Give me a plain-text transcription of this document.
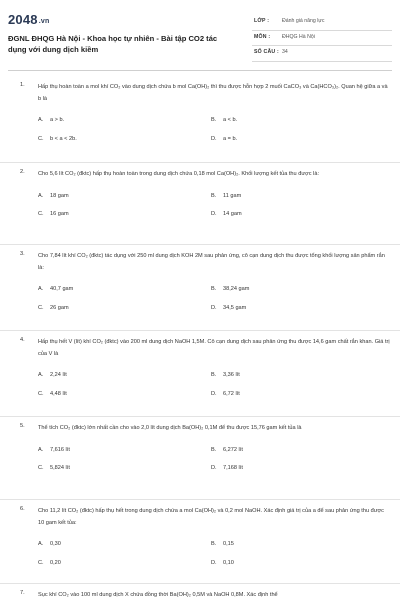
2048.vn
ĐGNL ĐHQG Hà Nội - Khoa học tự nhiên - Bài tập CO2 tác dụng với dung dịch kiềm
LỚP : Đánh giá năng lực
MÔN : ĐHQG Hà Nội
SỐ CÂU : 34
1. Hấp thụ hoàn toàn a mol khí CO₂ vào dung dịch chứa b mol Ca(OH)₂ thì thu được hỗn hợp 2 muối CaCO₃ và Ca(HCO₃)₂. Quan hệ giữa a và b là
A. a > b.	B. a < b.
C. b < a < 2b.	D. a = b.
2. Cho 5,6 lít CO₂ (đktc) hấp thụ hoàn toàn trong dung dịch chứa 0,18 mol Ca(OH)₂. Khối lượng kết tủa thu được là:
A. 18 gam	B. 11 gam
C. 16 gam	D. 14 gam
3. Cho 7,84 lít khí CO₂ (đktc) tác dụng với 250 ml dung dịch KOH 2M sau phản ứng, cô cạn dung dịch thu được tổng khối lượng sản phẩm rắn là:
A. 40,7 gam	B. 38,24 gam
C. 26 gam	D. 34,5 gam
4. Hấp thụ hết V (lít) khí CO₂ (đktc) vào 200 ml dung dịch NaOH 1,5M. Cô cạn dung dịch sau phản ứng thu được 14,6 gam chất rắn khan. Giá trị của V là
A. 2,24 lít	B. 3,36 lít
C. 4,48 lít	D. 6,72 lít
5. Thể tích CO₂ (đktc) lớn nhất cần cho vào 2,0 lít dung dịch Ba(OH)₂ 0,1M để thu được 15,76 gam kết tủa là
A. 7,616 lít	B. 6,272 lít
C. 5,824 lít	D. 7,168 lít
6. Cho 11,2 lít CO₂ (đktc) hấp thụ hết trong dung dịch chứa a mol Ca(OH)₂ và 0,2 mol NaOH. Xác định giá trị của a để sau phản ứng thu được 10 gam kết tủa:
A. 0,30	B. 0,15
C. 0,20	D. 0,10
7. Sục khí CO₂ vào 100 ml dung dịch X chứa đồng thời Ba(OH)₂ 0,5M và NaOH 0,8M. Xác định thể
